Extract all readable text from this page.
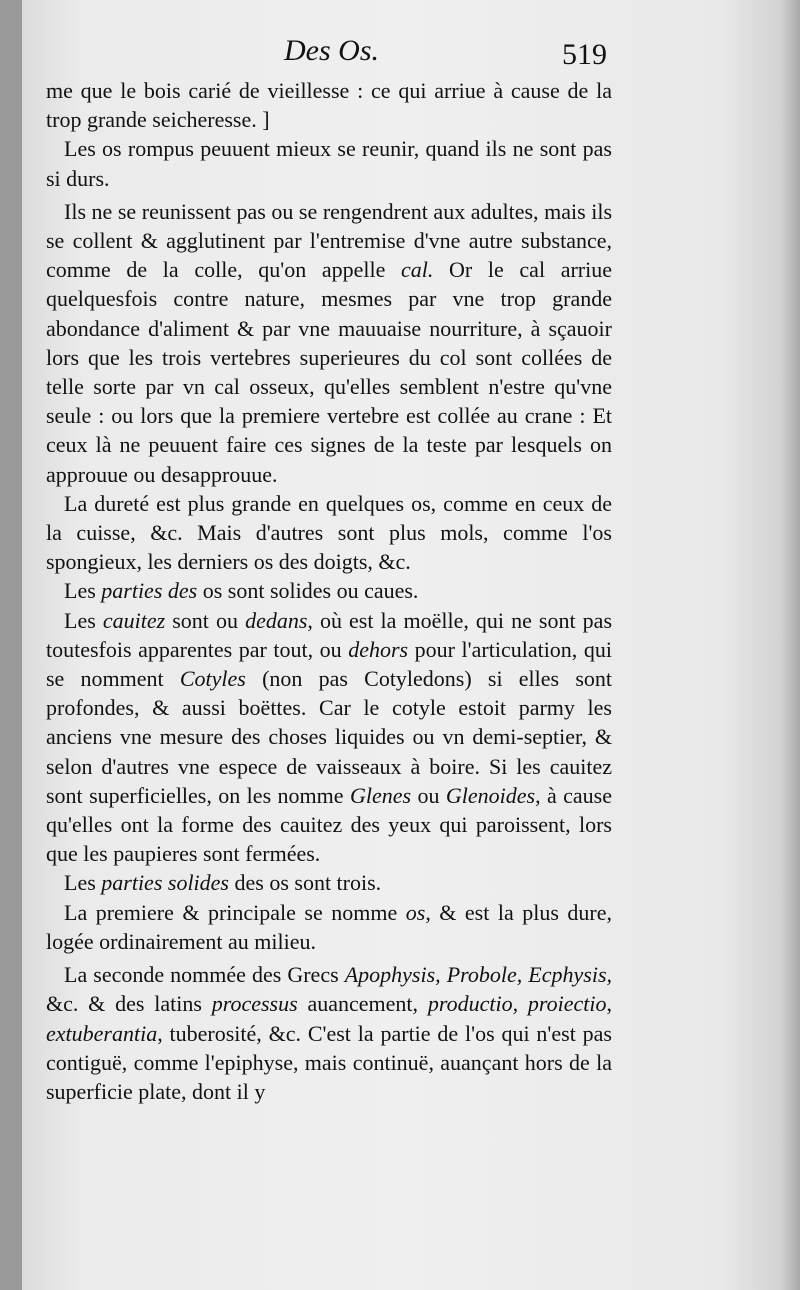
Des Os.	519

me que le bois carié de vieillesse : ce qui arriue à cause de la trop grande seicheresse. ]

Les os rompus peuuent mieux se reunir, quand ils ne sont pas si durs.

Ils ne se reunissent pas ou se rengendrent aux adultes, mais ils se collent & agglutinent par l'entremise d'vne autre substance, comme de la colle, qu'on appelle cal. Or le cal arriue quelquesfois contre nature, mesmes par vne trop grande abondance d'aliment & par vne mauuaise nourriture, à sçauoir lors que les trois vertebres superieures du col sont collées de telle sorte par vn cal osseux, qu'elles semblent n'estre qu'vne seule : ou lors que la premiere vertebre est collée au crane : Et ceux là ne peuuent faire ces signes de la teste par lesquels on approuue ou desapprouue.

La dureté est plus grande en quelques os, comme en ceux de la cuisse, &c. Mais d'autres sont plus mols, comme l'os spongieux, les derniers os des doigts, &c.

Les parties des os sont solides ou caues.

Les cauitez sont ou dedans, où est la moëlle, qui ne sont pas toutesfois apparentes par tout, ou dehors pour l'articulation, qui se nomment Cotyles (non pas Cotyledons) si elles sont profondes, & aussi boëttes. Car le cotyle estoit parmy les anciens vne mesure des choses liquides ou vn demi-septier, & selon d'autres vne espece de vaisseaux à boire. Si les cauitez sont superficielles, on les nomme Glenes ou Glenoides, à cause qu'elles ont la forme des cauitez des yeux qui paroissent, lors que les paupieres sont fermées.

Les parties solides des os sont trois.

La premiere & principale se nomme os, & est la plus dure, logée ordinairement au milieu.

La seconde nommée des Grecs Apophysis, Probole, Ecphysis, &c. & des latins processus auancement, productio, proiectio, extuberantia, tuberosité, &c. C'est la partie de l'os qui n'est pas contiguë, comme l'epiphyse, mais continuë, auançant hors de la superficie plate, dont il y
